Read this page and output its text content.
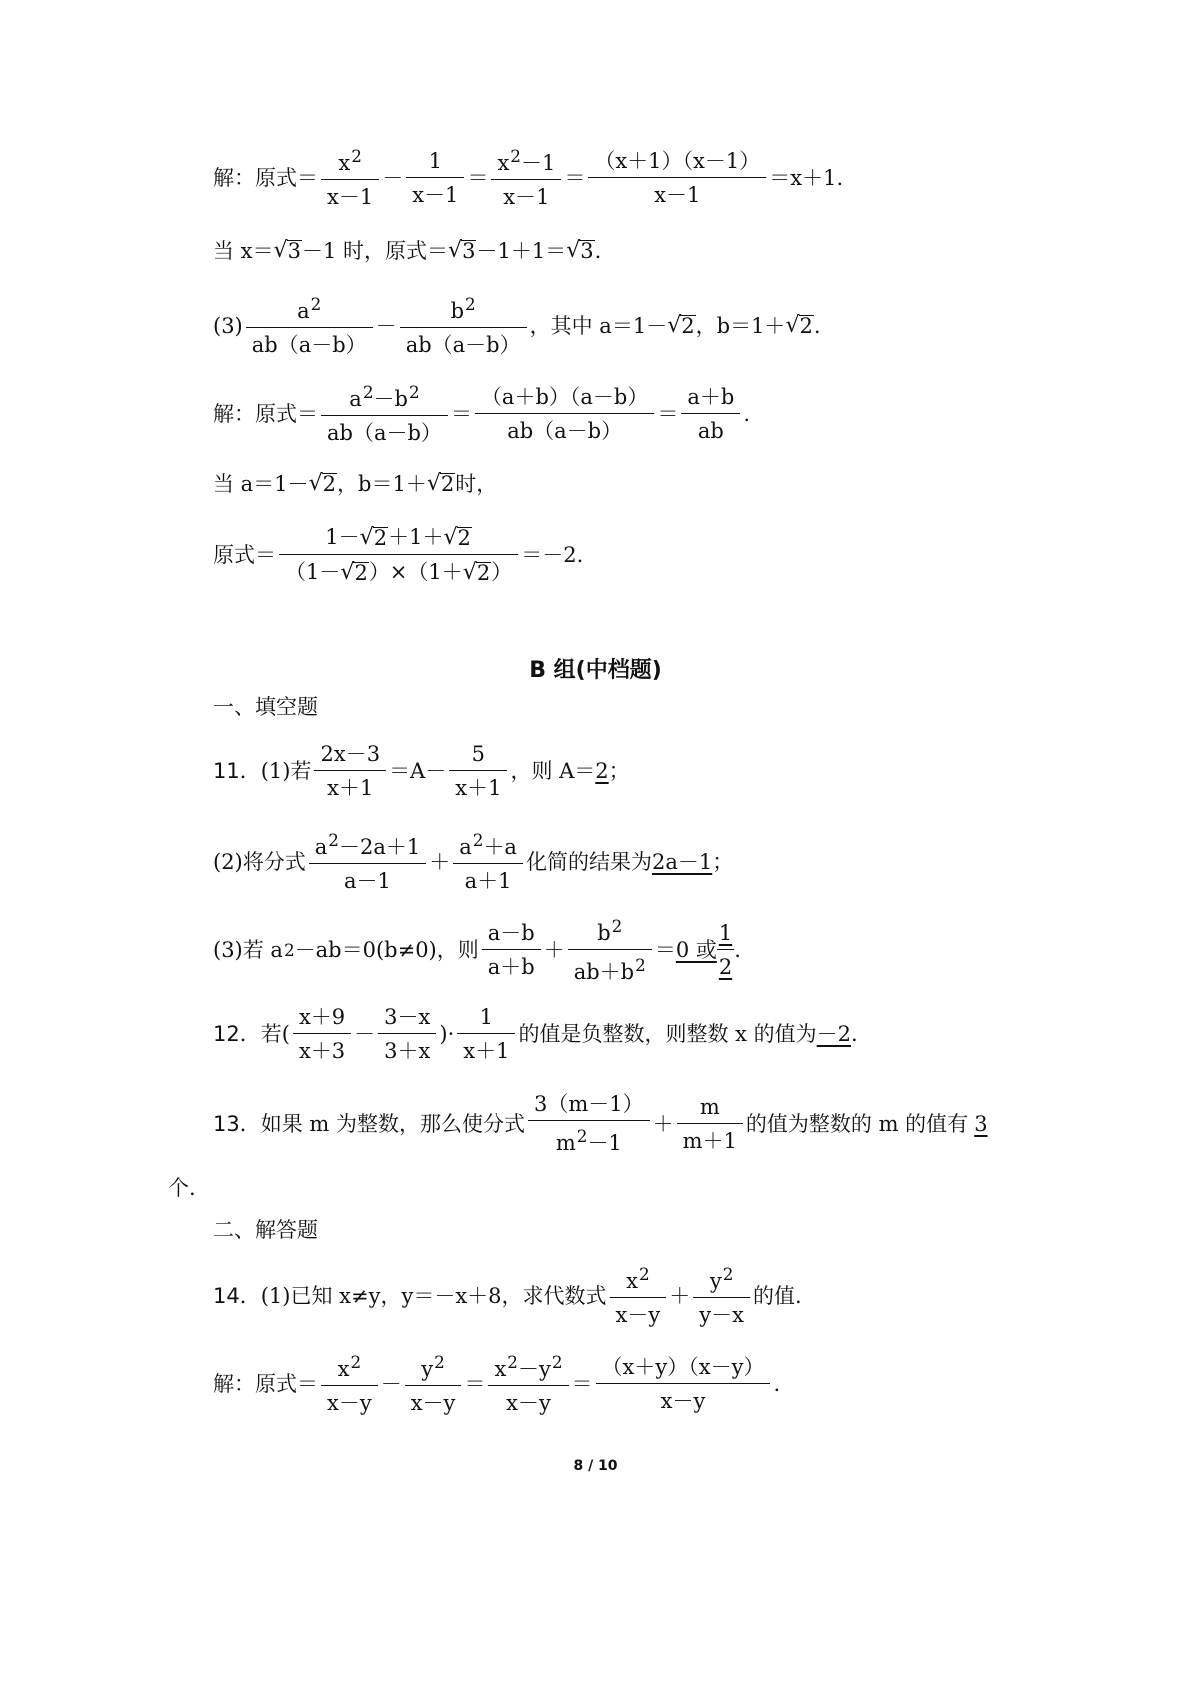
解：原式＝ $\frac{x2}{x-1} - \frac{1}{x-1} = \frac{x2-1}{x-1} = \frac{(x+1)(x-1)}{x-1} =x+1$.
当 x＝ √ 3 －1 时，原式＝ √ 3 －1＋1＝ √ 3 .
$(3) \frac{a2}{ab(a-b)} - \frac{b2}{ab(a-b)}$ ，其中 a＝1－ √ 2 ，b＝1＋ √ 2 .
解：原式＝ $\frac{a2-b2}{ab(a-b)} = \frac{(a+b)(a-b)}{ab(a-b)} = \frac{a+b}{ab}$ .
当 a＝1－ √ 2 ，b＝1＋ √ 2 时，
原式＝ $\frac{1- √ 2 +1+ √ 2}{(1- √ 2 )\times(1+ √ 2 )} =-2$.
B 组(中档题)
一、填空题
11． (1)若 $\frac{2x-3}{x+1} =A- \frac{5}{x+1}$ ，则 A＝ 2 ；
(2)将分式 $\frac{a2-2a+1}{a-1} + \frac{a2+a}{a+1}$ 化简的结果为 2a－1 ；
(3)若 a 2 －ab＝0(b≠0)，则 $\frac{a-b}{a+b} + \frac{b2}{ab+b2} = 0$ 或 $\frac{1}{2}$ .
12． 若( $\frac{x+9}{x+3} - \frac{3-x}{3+x}$ )· $\frac{1}{x+1}$ 的值是负整数，则整数 x 的值为 －2 .
13． 如果 m 为整数，那么使分式 $\frac{3(m-1)}{m2-1} + \frac{m}{m+1}$ 的值为整数的 m 的值有 3
个.
二、解答题
14． (1)已知 x≠y，y＝－x＋8，求代数式 $\frac{x2}{x-y} + \frac{y2}{y-x}$ 的值.
解：原式＝ $\frac{x2}{x-y} - \frac{y2}{x-y} = \frac{x2-y2}{x-y} = \frac{(x+y)(x-y)}{x-y}$ .
8 / 10
